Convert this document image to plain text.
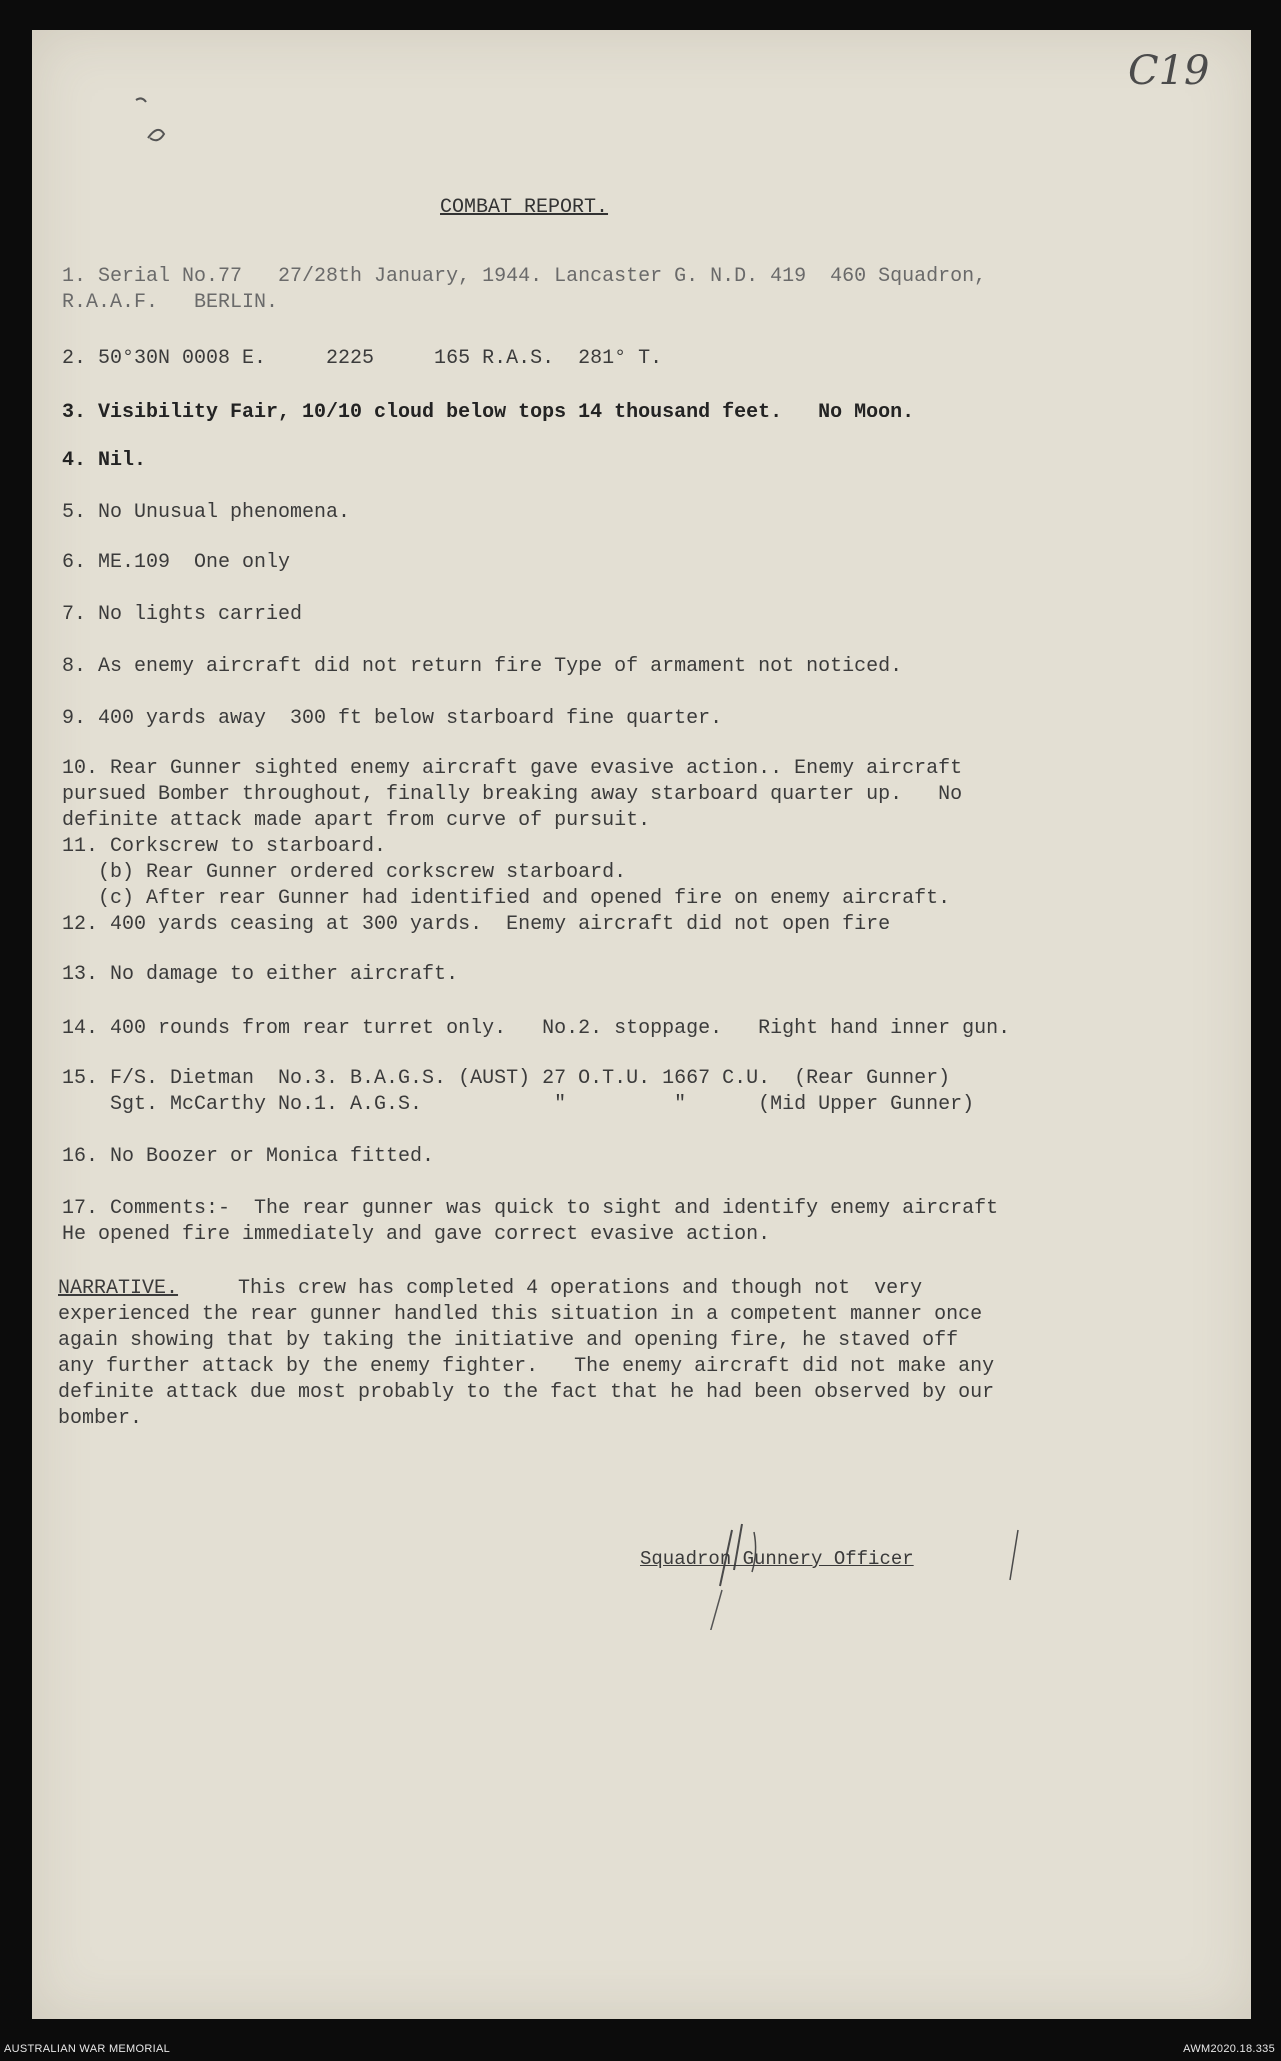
C19
COMBAT REPORT.

1. Serial No.77   27/28th January, 1944. Lancaster G. N.D. 419  460 Squadron,

R.A.A.F.   BERLIN.

2. 50°30N 0008 E.     2225     165 R.A.S.  281° T.

3. Visibility Fair, 10/10 cloud below tops 14 thousand feet.   No Moon.

4. Nil.

5. No Unusual phenomena.

6. ME.109  One only

7. No lights carried

8. As enemy aircraft did not return fire Type of armament not noticed.

9. 400 yards away  300 ft below starboard fine quarter.

10. Rear Gunner sighted enemy aircraft gave evasive action.. Enemy aircraft

pursued Bomber throughout, finally breaking away starboard quarter up.   No

definite attack made apart from curve of pursuit.

11. Corkscrew to starboard.

(b) Rear Gunner ordered corkscrew starboard.

(c) After rear Gunner had identified and opened fire on enemy aircraft.

12. 400 yards ceasing at 300 yards.  Enemy aircraft did not open fire

13. No damage to either aircraft.

14. 400 rounds from rear turret only.   No.2. stoppage.   Right hand inner gun.

15. F/S. Dietman  No.3. B.A.G.S. (AUST) 27 O.T.U. 1667 C.U.  (Rear Gunner)

Sgt. McCarthy No.1. A.G.S.           "         "      (Mid Upper Gunner)

16. No Boozer or Monica fitted.

17. Comments:-  The rear gunner was quick to sight and identify enemy aircraft

He opened fire immediately and gave correct evasive action.

NARRATIVE.     This crew has completed 4 operations and though not  very

experienced the rear gunner handled this situation in a competent manner once

again showing that by taking the initiative and opening fire, he staved off

any further attack by the enemy fighter.   The enemy aircraft did not make any

definite attack due most probably to the fact that he had been observed by our

bomber.

Squadron Gunnery Officer
AUSTRALIAN WAR MEMORIAL	AWM2020.18.335
